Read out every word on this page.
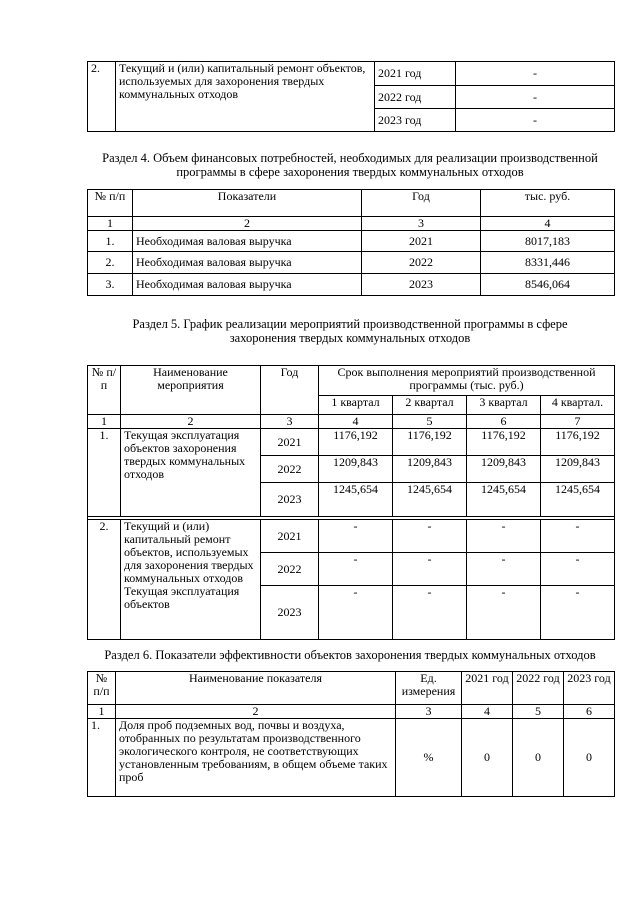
2.	Текущий и (или) капитальный ремонт объектов, используемых для захоронения твердых коммунальных отходов	2021 год	-
		2022 год	-
		2023 год	-
Раздел 4. Объем финансовых потребностей, необходимых для реализации производственной программы в сфере захоронения твердых коммунальных отходов
№ п/п	Показатели	Год	тыс. руб.
1	2	3	4
1.	Необходимая валовая выручка	2021	8017,183
2.	Необходимая валовая выручка	2022	8331,446
3.	Необходимая валовая выручка	2023	8546,064
Раздел 5. График реализации мероприятий производственной программы в сфере захоронения твердых коммунальных отходов
№ п/п	Наименование мероприятия	Год	Срок выполнения мероприятий производственной программы (тыс. руб.)			
			1 квартал	2 квартал	3 квартал	4 квартал.
1	2	3	4	5	6	7
1.	Текущая эксплуатация объектов захоронения твердых коммунальных отходов	2021	1176,192	1176,192	1176,192	1176,192
		2022	1209,843	1209,843	1209,843	1209,843
		2023	1245,654	1245,654	1245,654	1245,654

2.	Текущий и (или) капитальный ремонт объектов, используемых для захоронения твердых коммунальных отходов Текущая эксплуатация объектов	2021	-	-	-	-
		2022	-	-	-	-
		2023	-	-	-	-
Раздел 6. Показатели эффективности объектов захоронения твердых коммунальных отходов
№ п/п	Наименование показателя	Ед. измерения	2021 год	2022 год	2023 год
1	2	3	4	5	6
1.	Доля проб подземных вод, почвы и воздуха, отобранных по результатам производственного экологического контроля, не соответствующих установленным требованиям, в общем объеме таких проб	%	0	0	0
